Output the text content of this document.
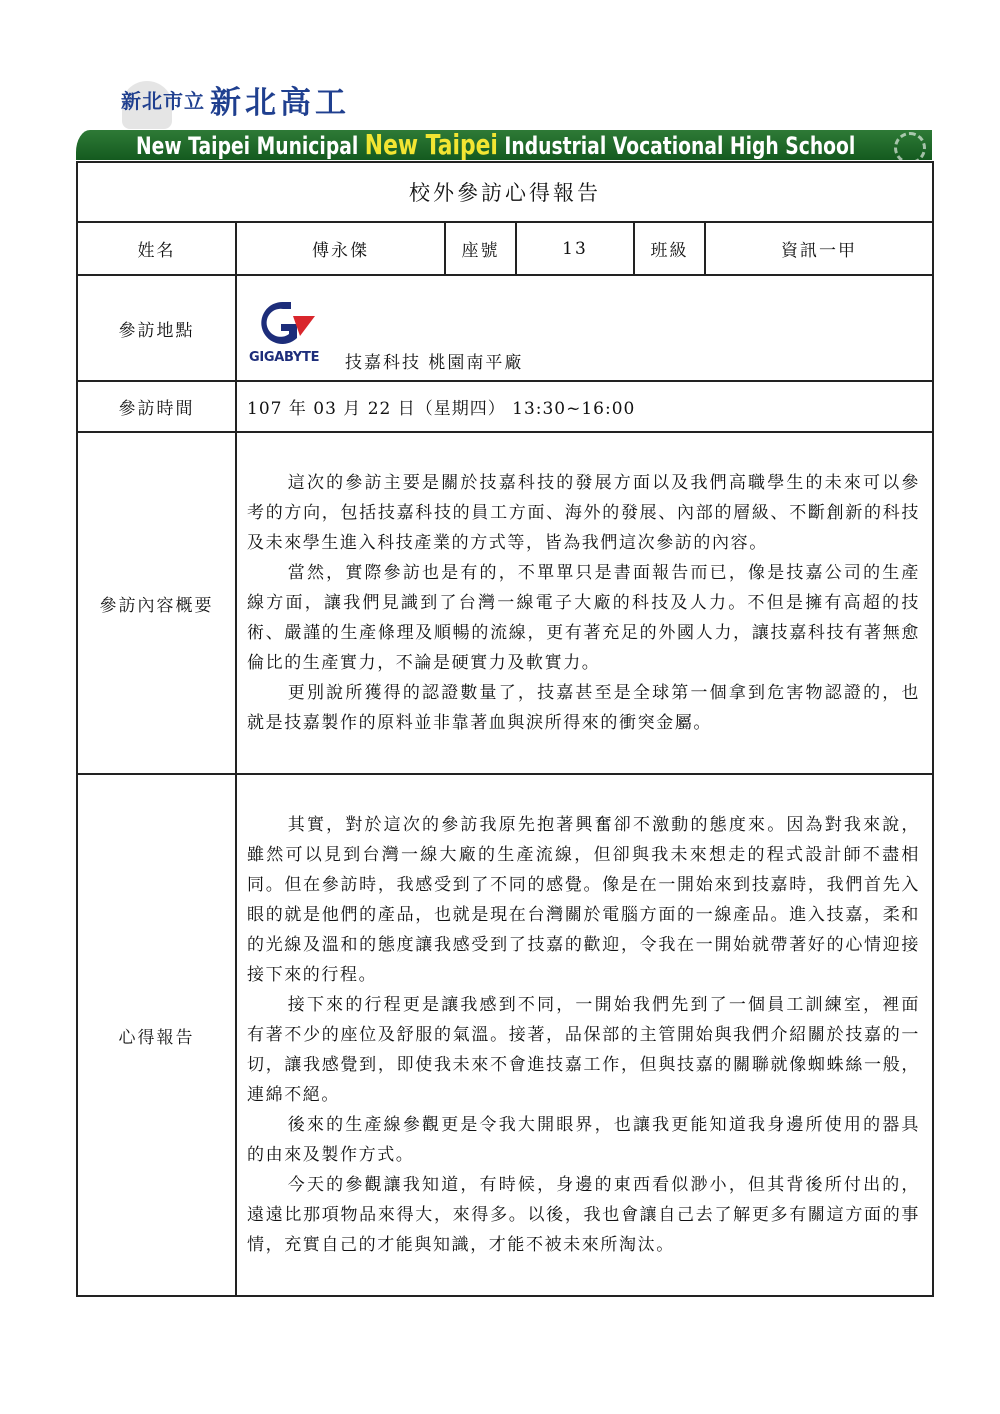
新北市立 新北高工
New Taipei Municipal New Taipei Industrial Vocational High School
校外參訪心得報告					
姓名	傅永傑	座號	13	班級	資訊一甲
參訪地點	GIGABYTE 技嘉科技 桃園南平廠				

參訪時間	107 年 03 月 22 日（星期四） 13:30~16:00				
參訪內容概要	這次的參訪主要是關於技嘉科技的發展方面以及我們高職學生的未來可以參考的方向，包括技嘉科技的員工方面、海外的發展、內部的層級、不斷創新的科技及未來學生進入科技產業的方式等，皆為我們這次參訪的內容。

當然，實際參訪也是有的，不單單只是書面報告而已，像是技嘉公司的生產線方面，讓我們見識到了台灣一線電子大廠的科技及人力。不但是擁有高超的技術、嚴謹的生產條理及順暢的流線，更有著充足的外國人力，讓技嘉科技有著無愈倫比的生產實力，不論是硬實力及軟實力。

更別說所獲得的認證數量了，技嘉甚至是全球第一個拿到危害物認證的，也就是技嘉製作的原料並非靠著血與淚所得來的衝突金屬。				

心得報告	其實，對於這次的參訪我原先抱著興奮卻不激動的態度來。因為對我來說，雖然可以見到台灣一線大廠的生產流線，但卻與我未來想走的程式設計師不盡相同。但在參訪時，我感受到了不同的感覺。像是在一開始來到技嘉時，我們首先入眼的就是他們的產品，也就是現在台灣關於電腦方面的一線產品。進入技嘉，柔和的光線及溫和的態度讓我感受到了技嘉的歡迎，令我在一開始就帶著好的心情迎接接下來的行程。

接下來的行程更是讓我感到不同，一開始我們先到了一個員工訓練室，裡面有著不少的座位及舒服的氣溫。接著，品保部的主管開始與我們介紹關於技嘉的一切，讓我感覺到，即使我未來不會進技嘉工作，但與技嘉的關聯就像蜘蛛絲一般，連綿不絕。

後來的生產線參觀更是令我大開眼界，也讓我更能知道我身邊所使用的器具的由來及製作方式。

今天的參觀讓我知道，有時候，身邊的東西看似渺小，但其背後所付出的，遠遠比那項物品來得大，來得多。以後，我也會讓自己去了解更多有關這方面的事情，充實自己的才能與知識，才能不被未來所淘汰。				
